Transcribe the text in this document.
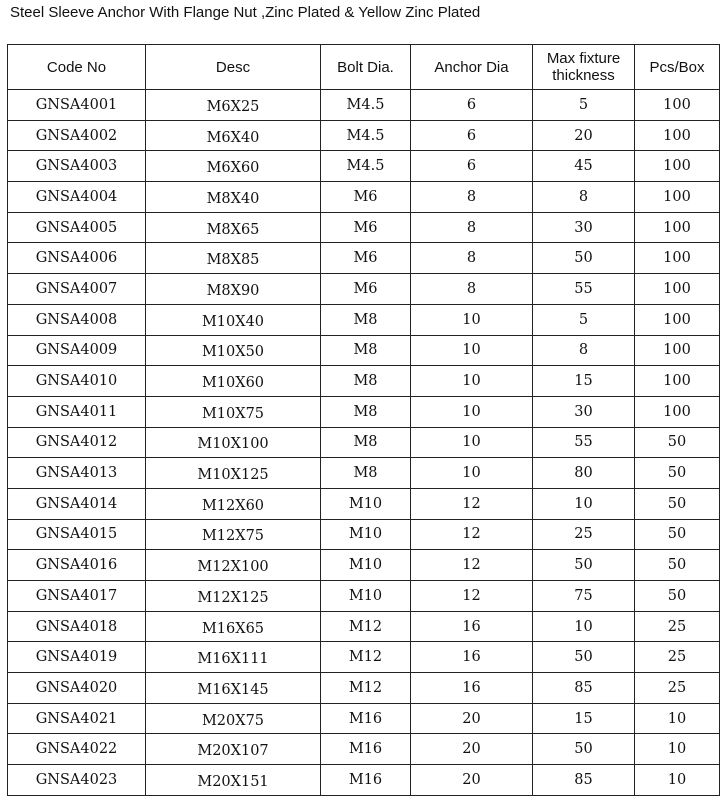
Steel Sleeve Anchor With Flange Nut ,Zinc Plated & Yellow Zinc Plated
Code No	Desc	Bolt Dia.	Anchor Dia	Max fixture thickness	Pcs/Box
GNSA4001	M6X25	M4.5	6	5	100
GNSA4002	M6X40	M4.5	6	20	100
GNSA4003	M6X60	M4.5	6	45	100
GNSA4004	M8X40	M6	8	8	100
GNSA4005	M8X65	M6	8	30	100
GNSA4006	M8X85	M6	8	50	100
GNSA4007	M8X90	M6	8	55	100
GNSA4008	M10X40	M8	10	5	100
GNSA4009	M10X50	M8	10	8	100
GNSA4010	M10X60	M8	10	15	100
GNSA4011	M10X75	M8	10	30	100
GNSA4012	M10X100	M8	10	55	50
GNSA4013	M10X125	M8	10	80	50
GNSA4014	M12X60	M10	12	10	50
GNSA4015	M12X75	M10	12	25	50
GNSA4016	M12X100	M10	12	50	50
GNSA4017	M12X125	M10	12	75	50
GNSA4018	M16X65	M12	16	10	25
GNSA4019	M16X111	M12	16	50	25
GNSA4020	M16X145	M12	16	85	25
GNSA4021	M20X75	M16	20	15	10
GNSA4022	M20X107	M16	20	50	10
GNSA4023	M20X151	M16	20	85	10
